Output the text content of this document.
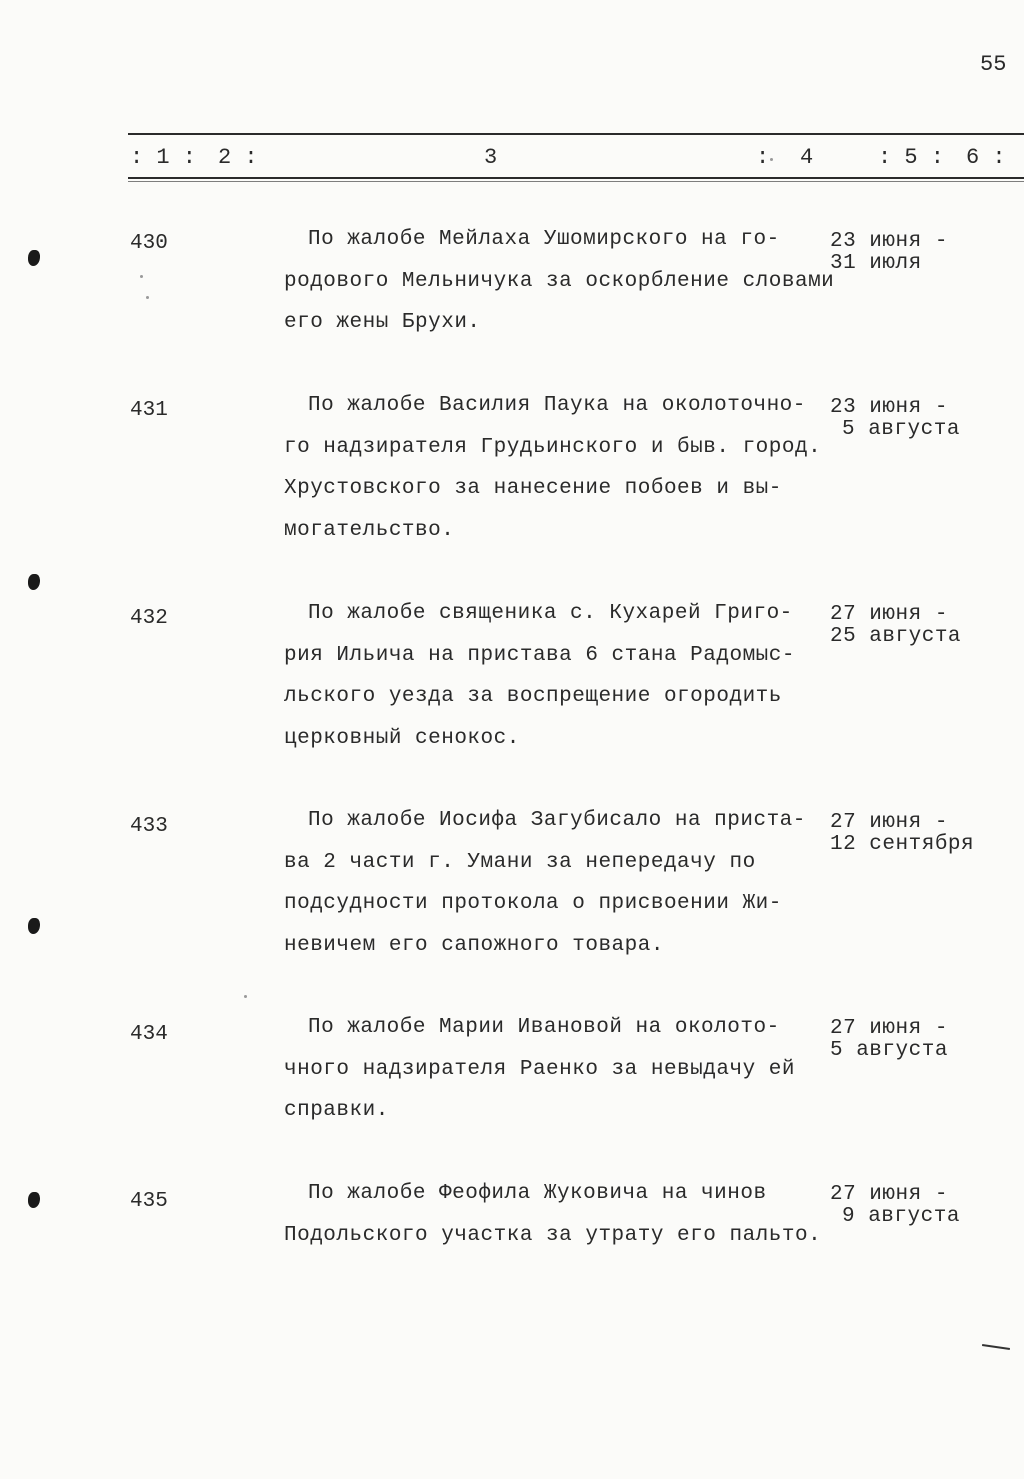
55
: 1 : 2 :	3	: 4	: 5 : 6 :
430	По жалобе Мейлаха Ушомирского на го-
родового Мельничука за оскорбление словами
его жены Брухи.
23 июня -
31 июля
431	По жалобе Василия Паука на околоточно-
го надзирателя Грудьинского и быв. город.
Хрустовского за нанесение побоев и вы-
могательство.
23 июня -
5 августа
432	По жалобе священика с. Кухарей Григо-
рия Ильича на пристава 6 стана Радомыс-
льского уезда за воспрещение огородить
церковный сенокос.
27 июня -
25 августа
433	По жалобе Иосифа Загубисало на приста-
ва 2 части г. Умани за непередачу по
подсудности протокола о присвоении Жи-
невичем его сапожного товара.
27 июня -
12 сентября
434	По жалобе Марии Ивановой на околото-
чного надзирателя Раенко за невыдачу ей
справки.
27 июня -
5 августа
435	По жалобе Феофила Жуковича на чинов
Подольского участка за утрату его пальто.
27 июня -
9 августа
